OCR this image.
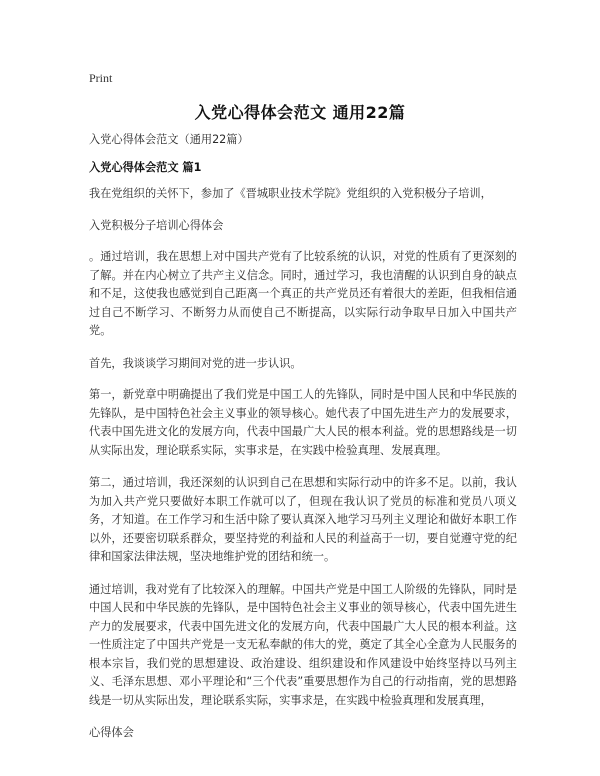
Print
入党心得体会范文 通用22篇

入党心得体会范文（通用22篇）

入党心得体会范文 篇1

我在党组织的关怀下，参加了《晋城职业技术学院》党组织的入党积极分子培训，

入党积极分子培训心得体会

。通过培训，我在思想上对中国共产党有了比较系统的认识，对党的性质有了更深刻的了解。并在内心树立了共产主义信念。同时，通过学习，我也清醒的认识到自身的缺点和不足，这使我也感觉到自己距离一个真正的共产党员还有着很大的差距，但我相信通过自己不断学习、不断努力从而使自己不断提高，以实际行动争取早日加入中国共产党。

首先，我谈谈学习期间对党的进一步认识。

第一，新党章中明确提出了我们党是中国工人的先锋队，同时是中国人民和中华民族的先锋队，是中国特色社会主义事业的领导核心。她代表了中国先进生产力的发展要求，代表中国先进文化的发展方向，代表中国最广大人民的根本利益。党的思想路线是一切从实际出发，理论联系实际，实事求是，在实践中检验真理、发展真理。

第二，通过培训，我还深刻的认识到自己在思想和实际行动中的许多不足。以前，我认为加入共产党只要做好本职工作就可以了，但现在我认识了党员的标准和党员八项义务，才知道。在工作学习和生活中除了要认真深入地学习马列主义理论和做好本职工作以外，还要密切联系群众，要坚持党的利益和人民的利益高于一切，要自觉遵守党的纪律和国家法律法规，坚决地维护党的团结和统一。

通过培训，我对党有了比较深入的理解。中国共产党是中国工人阶级的先锋队，同时是中国人民和中华民族的先锋队，是中国特色社会主义事业的领导核心，代表中国先进生产力的发展要求，代表中国先进文化的发展方向，代表中国最广大人民的根本利益。这一性质注定了中国共产党是一支无私奉献的伟大的党，奠定了其全心全意为人民服务的根本宗旨，我们党的思想建设、政治建设、组织建设和作风建设中始终坚持以马列主义、毛泽东思想、邓小平理论和“三个代表”重要思想作为自己的行动指南，党的思想路线是一切从实际出发，理论联系实际，实事求是，在实践中检验真理和发展真理，

心得体会
